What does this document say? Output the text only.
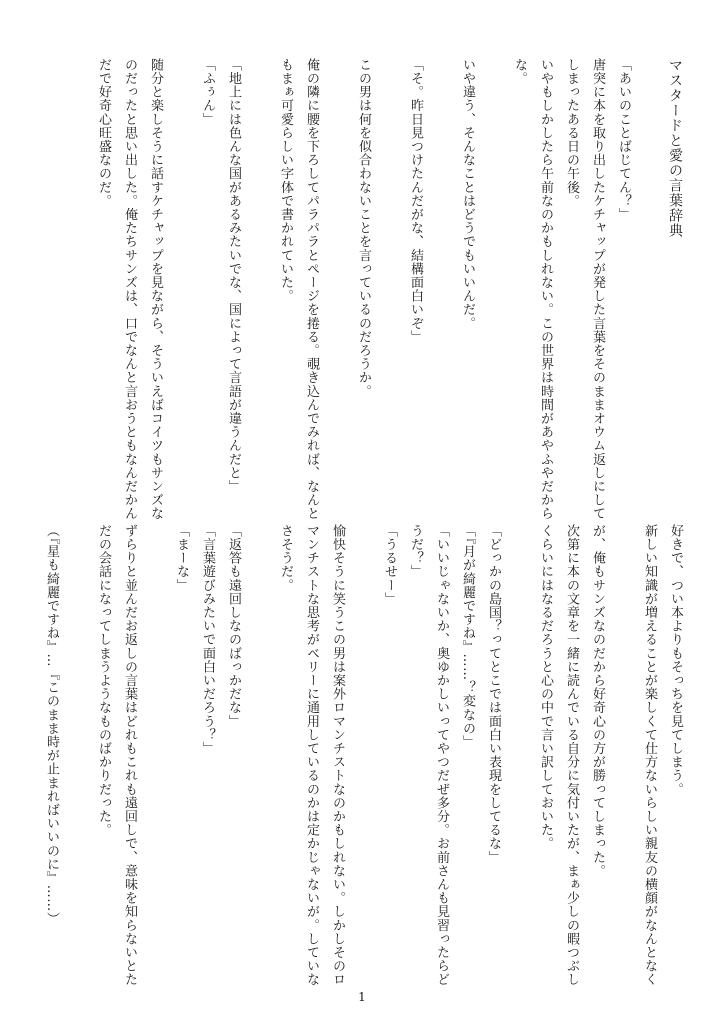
マスタードと愛の言葉辞典
「あいのことばじてん？」
唐突に本を取り出したケチャップが発した言葉をそのままオウム返しにして
しまったある日の午後。
いやもしかしたら午前なのかもしれない。この世界は時間があやふやだから
な。
いや違う、そんなことはどうでもいいんだ。
「そ。昨日見つけたんだがな、結構面白いぞ」
この男は何を似合わないことを言っているのだろうか。
俺の隣に腰を下ろしてパラパラとページを捲る。覗き込んでみれば、なんと
もまぁ可愛らしい字体で書かれていた。
「地上には色んな国があるみたいでな、国によって言語が違うんだと」
「ふぅん」
随分と楽しそうに話すケチャップを見ながら、そういえばコイツもサンズな
のだったと思い出した。俺たちサンズは、口でなんと言おうともなんだかん
だで好奇心旺盛なのだ。
好きで、つい本よりもそっちを見てしまう。
新しい知識が増えることが楽しくて仕方ないらしい親友の横顔がなんとなく
が、俺もサンズなのだから好奇心の方が勝ってしまった。
次第に本の文章を一緒に読んでいる自分に気付いたが、まぁ少しの暇つぶし
くらいにはなるだろうと心の中で言い訳しておいた。
「どっかの島国？ってとこでは面白い表現をしてるな」
「『月が綺麗ですね』……？変なの」
「いいじゃないか、奥ゆかしいってやつだぜ多分。お前さんも見習ったらど
うだ？」
「うるせー」
愉快そうに笑うこの男は案外ロマンチストなのかもしれない。しかしそのロ
マンチストな思考がベリーに通用しているのかは定かじゃないが。していな
さそうだ。
「返答も遠回しなのばっかだな」
「言葉遊びみたいで面白いだろう？」
「まーな」
ずらりと並んだお返しの言葉はどれもこれも遠回しで、意味を知らないとた
だの会話になってしまうようなものばかりだった。
（『星も綺麗ですね』…『このまま時が止まればいいのに』……）
1
